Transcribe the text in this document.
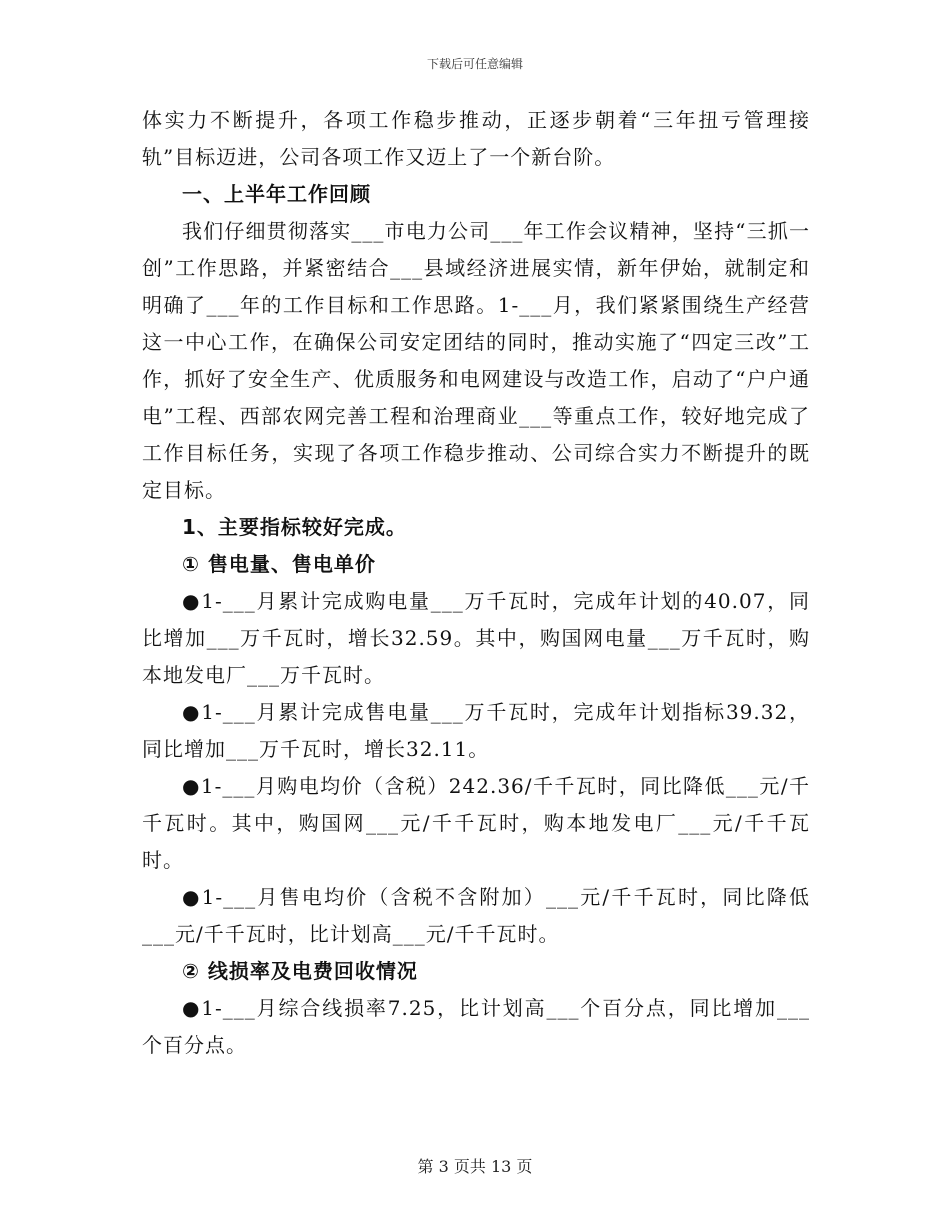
下载后可任意编辑

体实力不断提升，各项工作稳步推动，正逐步朝着“三年扭亏管理接轨”目标迈进，公司各项工作又迈上了一个新台阶。

一、上半年工作回顾

我们仔细贯彻落实___市电力公司___年工作会议精神，坚持“三抓一创”工作思路，并紧密结合___县域经济进展实情，新年伊始，就制定和明确了___年的工作目标和工作思路。1-___月，我们紧紧围绕生产经营这一中心工作，在确保公司安定团结的同时，推动实施了“四定三改”工作，抓好了安全生产、优质服务和电网建设与改造工作，启动了“户户通电”工程、西部农网完善工程和治理商业___等重点工作，较好地完成了工作目标任务，实现了各项工作稳步推动、公司综合实力不断提升的既定目标。

1、主要指标较好完成。

① 售电量、售电单价

●1-___月累计完成购电量___万千瓦时，完成年计划的40.07，同比增加___万千瓦时，增长32.59。其中，购国网电量___万千瓦时，购本地发电厂___万千瓦时。

●1-___月累计完成售电量___万千瓦时，完成年计划指标39.32，同比增加___万千瓦时，增长32.11。

●1-___月购电均价（含税）242.36/千千瓦时，同比降低___元/千千瓦时。其中，购国网___元/千千瓦时，购本地发电厂___元/千千瓦时。

●1-___月售电均价（含税不含附加）___元/千千瓦时，同比降低___元/千千瓦时，比计划高___元/千千瓦时。

② 线损率及电费回收情况

●1-___月综合线损率7.25，比计划高___个百分点，同比增加___个百分点。

第 3 页共 13 页
